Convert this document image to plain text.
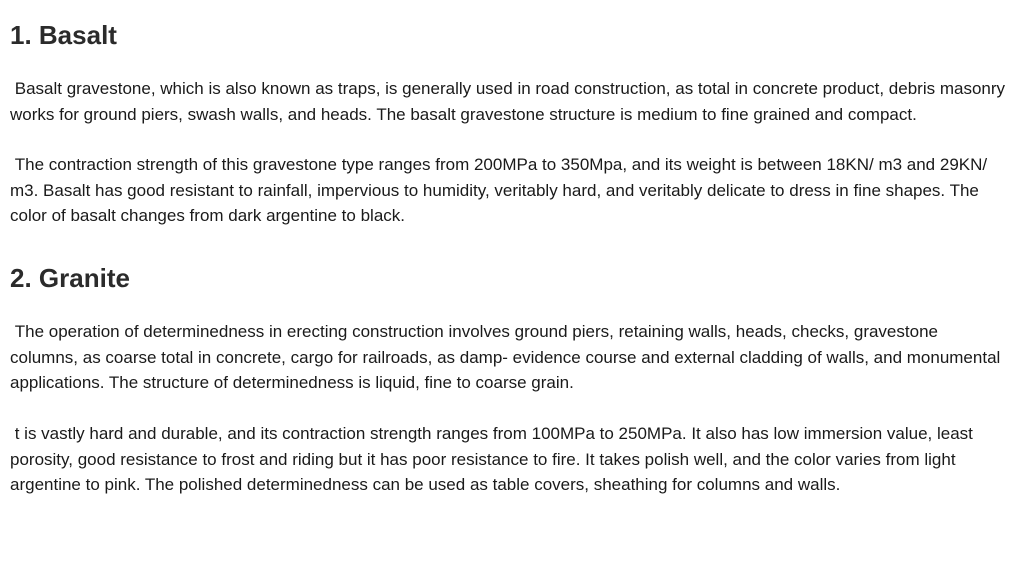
1. Basalt

Basalt gravestone, which is also known as traps, is generally used in road construction, as total in concrete product, debris masonry works for ground piers, swash walls, and heads. The basalt gravestone structure is medium to fine grained and compact.

The contraction strength of this gravestone type ranges from 200MPa to 350Mpa, and its weight is between 18KN/ m3 and 29KN/ m3. Basalt has good resistant to rainfall, impervious to humidity, veritably hard, and veritably delicate to dress in fine shapes. The color of basalt changes from dark argentine to black.

2. Granite

The operation of determinedness in erecting construction involves ground piers, retaining walls, heads, checks, gravestone columns, as coarse total in concrete, cargo for railroads, as damp- evidence course and external cladding of walls, and monumental applications. The structure of determinedness is liquid, fine to coarse grain.

t is vastly hard and durable, and its contraction strength ranges from 100MPa to 250MPa. It also has low immersion value, least porosity, good resistance to frost and riding but it has poor resistance to fire. It takes polish well, and the color varies from light argentine to pink. The polished determinedness can be used as table covers, sheathing for columns and walls.
